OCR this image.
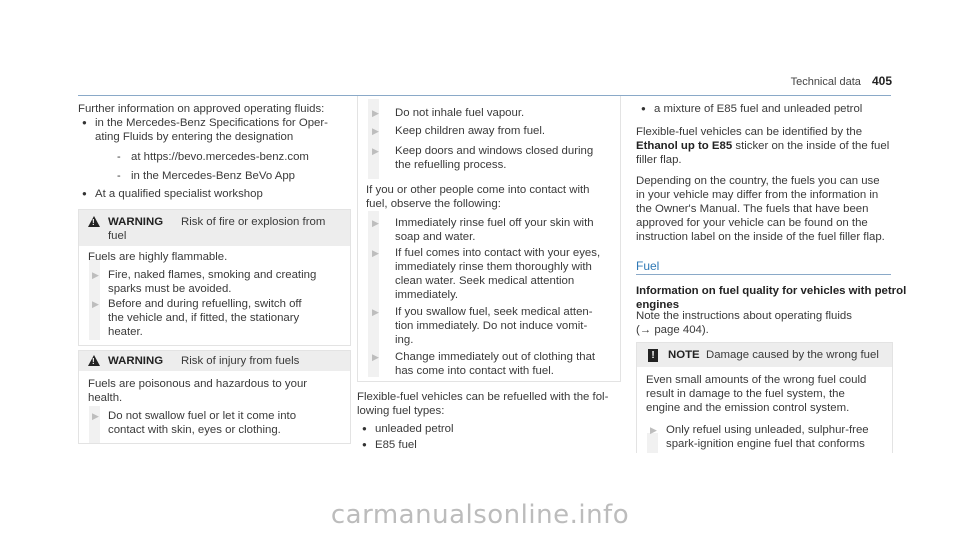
Technical data 405
Further information on approved operating fluids:
● in the Mercedes-Benz Specifications for Oper-
ating Fluids by entering the designation
- at https://bevo.mercedes-benz.com
- in the Mercedes-Benz BeVo App
● At a qualified specialist workshop
! WARNING Risk of fire or explosion from
fuel
Fuels are highly flammable.
▶ Fire, naked flames, smoking and creating
sparks must be avoided.
▶ Before and during refuelling, switch off
the vehicle and, if fitted, the stationary
heater.
! WARNING Risk of injury from fuels
Fuels are poisonous and hazardous to your
health.
▶ Do not swallow fuel or let it come into
contact with skin, eyes or clothing.
▶ Do not inhale fuel vapour.
▶ Keep children away from fuel.
▶ Keep doors and windows closed during
the refuelling process.
If you or other people come into contact with
fuel, observe the following:
▶ Immediately rinse fuel off your skin with
soap and water.
▶ If fuel comes into contact with your eyes,
immediately rinse them thoroughly with
clean water. Seek medical attention
immediately.
▶ If you swallow fuel, seek medical atten-
tion immediately. Do not induce vomit-
ing.
▶ Change immediately out of clothing that
has come into contact with fuel.
Flexible-fuel vehicles can be refuelled with the fol-
lowing fuel types:
● unleaded petrol
● E85 fuel
● a mixture of E85 fuel and unleaded petrol
Flexible-fuel vehicles can be identified by the
Ethanol up to E85 sticker on the inside of the fuel
filler flap.
Depending on the country, the fuels you can use
in your vehicle may differ from the information in
the Owner's Manual. The fuels that have been
approved for your vehicle can be found on the
instruction label on the inside of the fuel filler flap.
Fuel
Information on fuel quality for vehicles with petrol
engines
Note the instructions about operating fluids
(→ page 404).
! NOTE Damage caused by the wrong fuel
Even small amounts of the wrong fuel could
result in damage to the fuel system, the
engine and the emission control system.
▶ Only refuel using unleaded, sulphur-free
spark-ignition engine fuel that conforms
carmanualsonline.info
